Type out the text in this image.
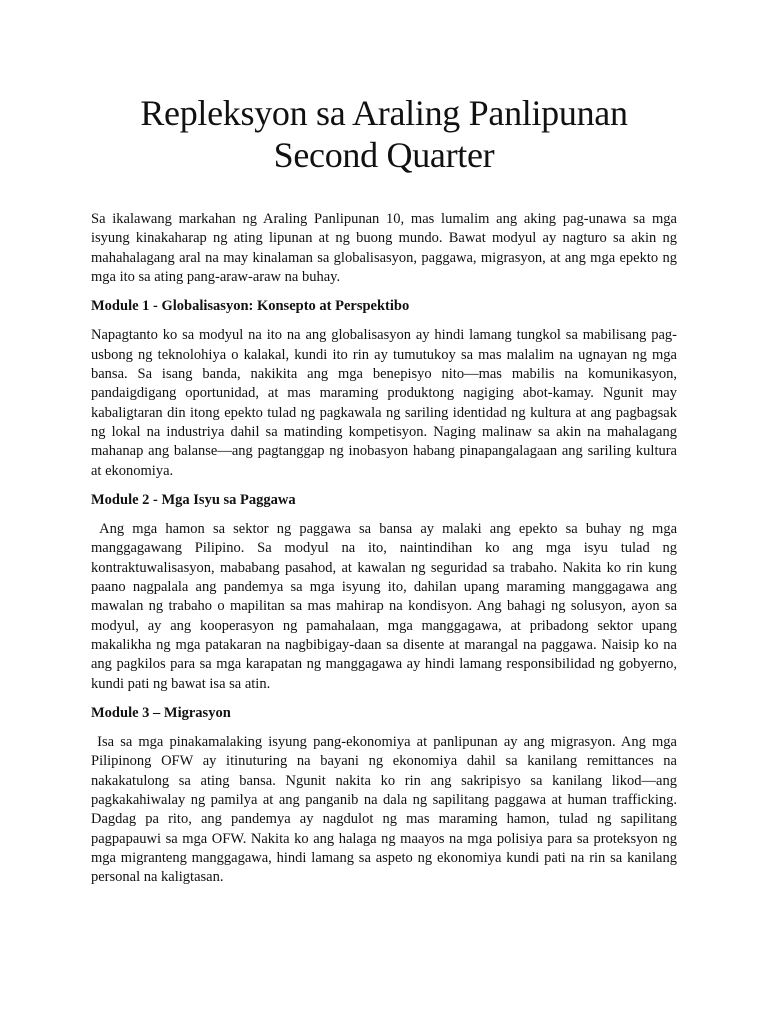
Repleksyon sa Araling Panlipunan Second Quarter

Sa ikalawang markahan ng Araling Panlipunan 10, mas lumalim ang aking pag-unawa sa mga isyung kinakaharap ng ating lipunan at ng buong mundo. Bawat modyul ay nagturo sa akin ng mahahalagang aral na may kinalaman sa globalisasyon, paggawa, migrasyon, at ang mga epekto ng mga ito sa ating pang-araw-araw na buhay.

Module 1 - Globalisasyon: Konsepto at Perspektibo

Napagtanto ko sa modyul na ito na ang globalisasyon ay hindi lamang tungkol sa mabilisang pag-usbong ng teknolohiya o kalakal, kundi ito rin ay tumutukoy sa mas malalim na ugnayan ng mga bansa. Sa isang banda, nakikita ang mga benepisyo nito—mas mabilis na komunikasyon, pandaigdigang oportunidad, at mas maraming produktong nagiging abot-kamay. Ngunit may kabaligtaran din itong epekto tulad ng pagkawala ng sariling identidad ng kultura at ang pagbagsak ng lokal na industriya dahil sa matinding kompetisyon. Naging malinaw sa akin na mahalagang mahanap ang balanse—ang pagtanggap ng inobasyon habang pinapangalagaan ang sariling kultura at ekonomiya.

Module 2 - Mga Isyu sa Paggawa

Ang mga hamon sa sektor ng paggawa sa bansa ay malaki ang epekto sa buhay ng mga manggagawang Pilipino. Sa modyul na ito, naintindihan ko ang mga isyu tulad ng kontraktuwalisasyon, mababang pasahod, at kawalan ng seguridad sa trabaho. Nakita ko rin kung paano nagpalala ang pandemya sa mga isyung ito, dahilan upang maraming manggagawa ang mawalan ng trabaho o mapilitan sa mas mahirap na kondisyon. Ang bahagi ng solusyon, ayon sa modyul, ay ang kooperasyon ng pamahalaan, mga manggagawa, at pribadong sektor upang makalikha ng mga patakaran na nagbibigay-daan sa disente at marangal na paggawa. Naisip ko na ang pagkilos para sa mga karapatan ng manggagawa ay hindi lamang responsibilidad ng gobyerno, kundi pati ng bawat isa sa atin.

Module 3 – Migrasyon

Isa sa mga pinakamalaking isyung pang-ekonomiya at panlipunan ay ang migrasyon. Ang mga Pilipinong OFW ay itinuturing na bayani ng ekonomiya dahil sa kanilang remittances na nakakatulong sa ating bansa. Ngunit nakita ko rin ang sakripisyo sa kanilang likod—ang pagkakahiwalay ng pamilya at ang panganib na dala ng sapilitang paggawa at human trafficking. Dagdag pa rito, ang pandemya ay nagdulot ng mas maraming hamon, tulad ng sapilitang pagpapauwi sa mga OFW. Nakita ko ang halaga ng maayos na mga polisiya para sa proteksyon ng mga migranteng manggagawa, hindi lamang sa aspeto ng ekonomiya kundi pati na rin sa kanilang personal na kaligtasan.
